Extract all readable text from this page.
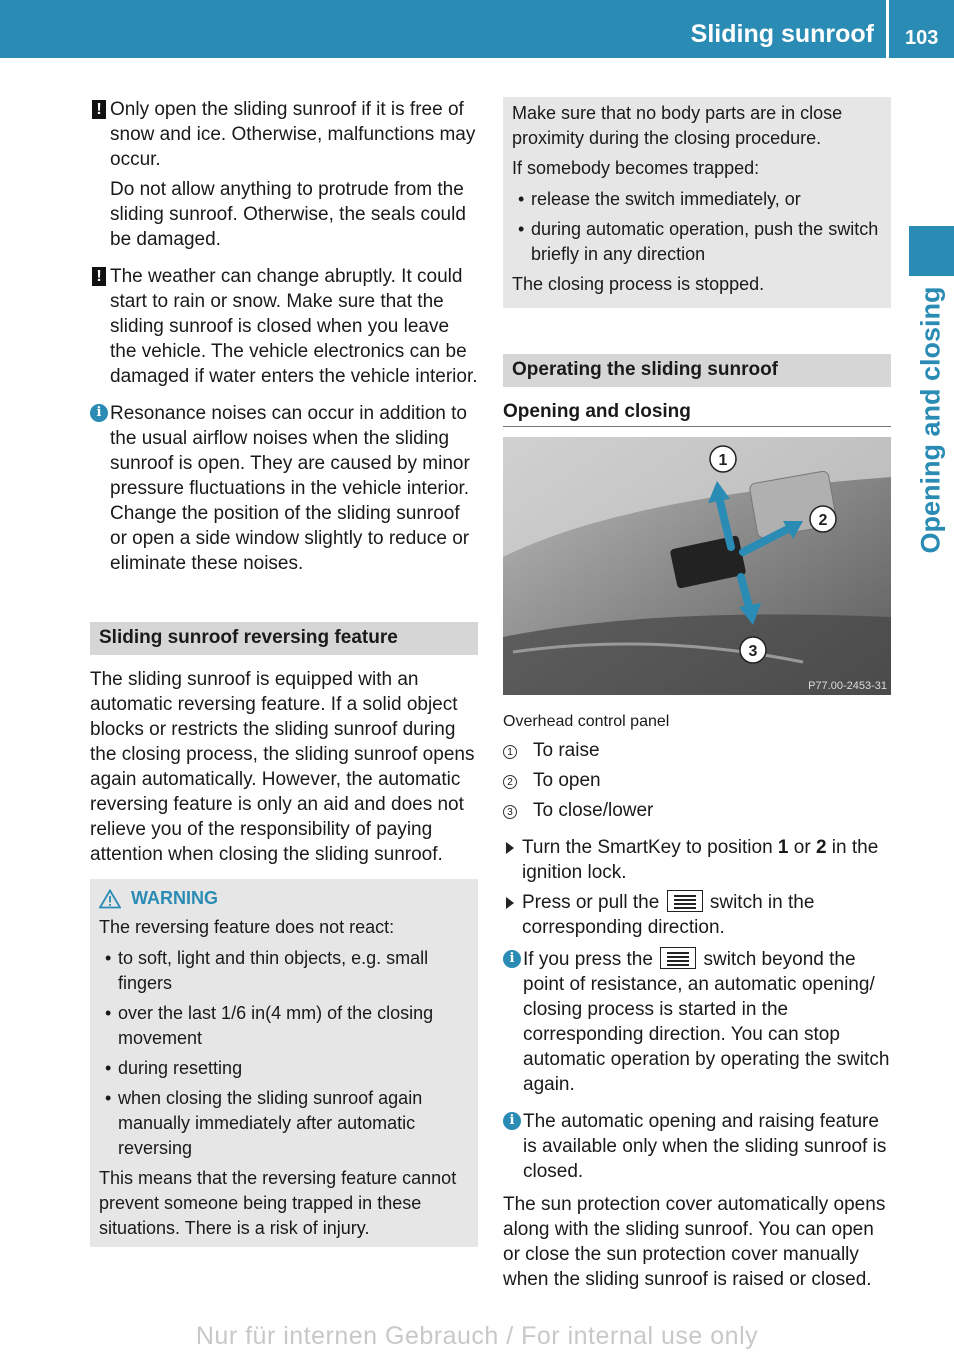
Sliding sunroof 103
Opening and closing
! Only open the sliding sunroof if it is free of snow and ice. Otherwise, malfunctions may occur.

Do not allow anything to protrude from the sliding sunroof. Otherwise, the seals could be damaged.

! The weather can change abruptly. It could start to rain or snow. Make sure that the sliding sunroof is closed when you leave the vehicle. The vehicle electronics can be damaged if water enters the vehicle interior.

i Resonance noises can occur in addition to the usual airflow noises when the sliding sunroof is open. They are caused by minor pressure fluctuations in the vehicle interior. Change the position of the sliding sunroof or open a side window slightly to reduce or eliminate these noises.

Sliding sunroof reversing feature

The sliding sunroof is equipped with an automatic reversing feature. If a solid object blocks or restricts the sliding sunroof during the closing process, the sliding sunroof opens again automatically. However, the automatic reversing feature is only an aid and does not relieve you of the responsibility of paying attention when closing the sliding sunroof.

WARNING

The reversing feature does not react:

• to soft, light and thin objects, e.g. small fingers
• over the last 1/6 in(4 mm) of the closing movement
• during resetting
• when closing the sliding sunroof again manually immediately after automatic reversing

This means that the reversing feature cannot prevent someone being trapped in these situations. There is a risk of injury.

Make sure that no body parts are in close proximity during the closing procedure.

If somebody becomes trapped:

• release the switch immediately, or
• during automatic operation, push the switch briefly in any direction

The closing process is stopped.

Operating the sliding sunroof
Opening and closing
1
2
3
P77.00-2453-31

Overhead control panel

1	To raise
2	To open
3	To close/lower
Turn the SmartKey to position 1 or 2 in the ignition lock.
Press or pull the
switch in the corresponding direction.
i If you press the
switch beyond the point of resistance, an automatic opening/ closing process is started in the corresponding direction. You can stop automatic operation by operating the switch again.
i The automatic opening and raising feature is available only when the sliding sunroof is closed.

The sun protection cover automatically opens along with the sliding sunroof. You can open or close the sun protection cover manually when the sliding sunroof is raised or closed.

Nur für internen Gebrauch / For internal use only
